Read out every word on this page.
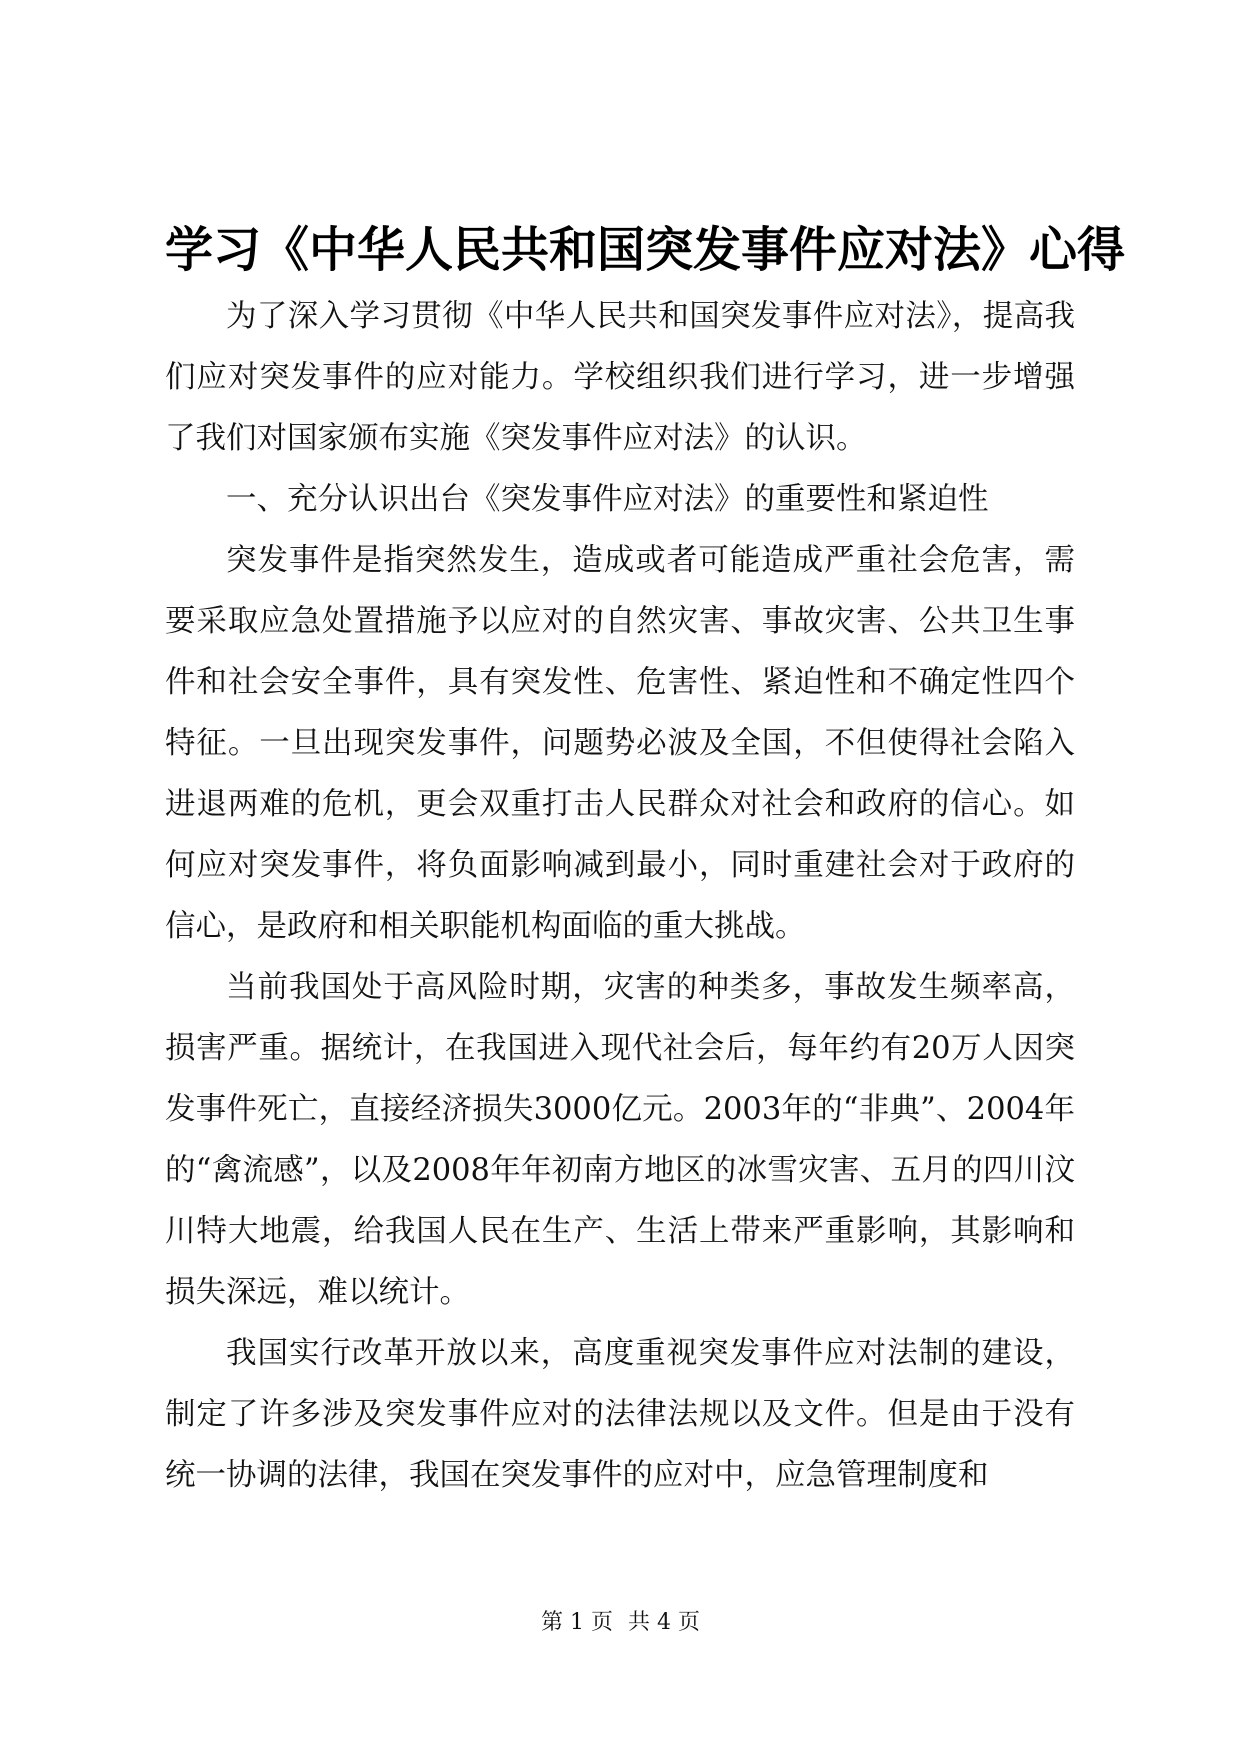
学习《中华人民共和国突发事件应对法》心得

为了深入学习贯彻《中华人民共和国突发事件应对法》，提高我们应对突发事件的应对能力。学校组织我们进行学习，进一步增强了我们对国家颁布实施《突发事件应对法》的认识。

一、充分认识出台《突发事件应对法》的重要性和紧迫性

突发事件是指突然发生，造成或者可能造成严重社会危害，需要采取应急处置措施予以应对的自然灾害、事故灾害、公共卫生事件和社会安全事件，具有突发性、危害性、紧迫性和不确定性四个特征。一旦出现突发事件，问题势必波及全国，不但使得社会陷入进退两难的危机，更会双重打击人民群众对社会和政府的信心。如何应对突发事件，将负面影响减到最小，同时重建社会对于政府的信心，是政府和相关职能机构面临的重大挑战。

当前我国处于高风险时期，灾害的种类多，事故发生频率高，损害严重。据统计，在我国进入现代社会后，每年约有20万人因突发事件死亡，直接经济损失3000亿元。2003年的“非典”、2004年的“禽流感”，以及2008年年初南方地区的冰雪灾害、五月的四川汶川特大地震，给我国人民在生产、生活上带来严重影响，其影响和损失深远，难以统计。

我国实行改革开放以来，高度重视突发事件应对法制的建设，制定了许多涉及突发事件应对的法律法规以及文件。但是由于没有统一协调的法律，我国在突发事件的应对中，应急管理制度和

第 1 页 共 4 页
